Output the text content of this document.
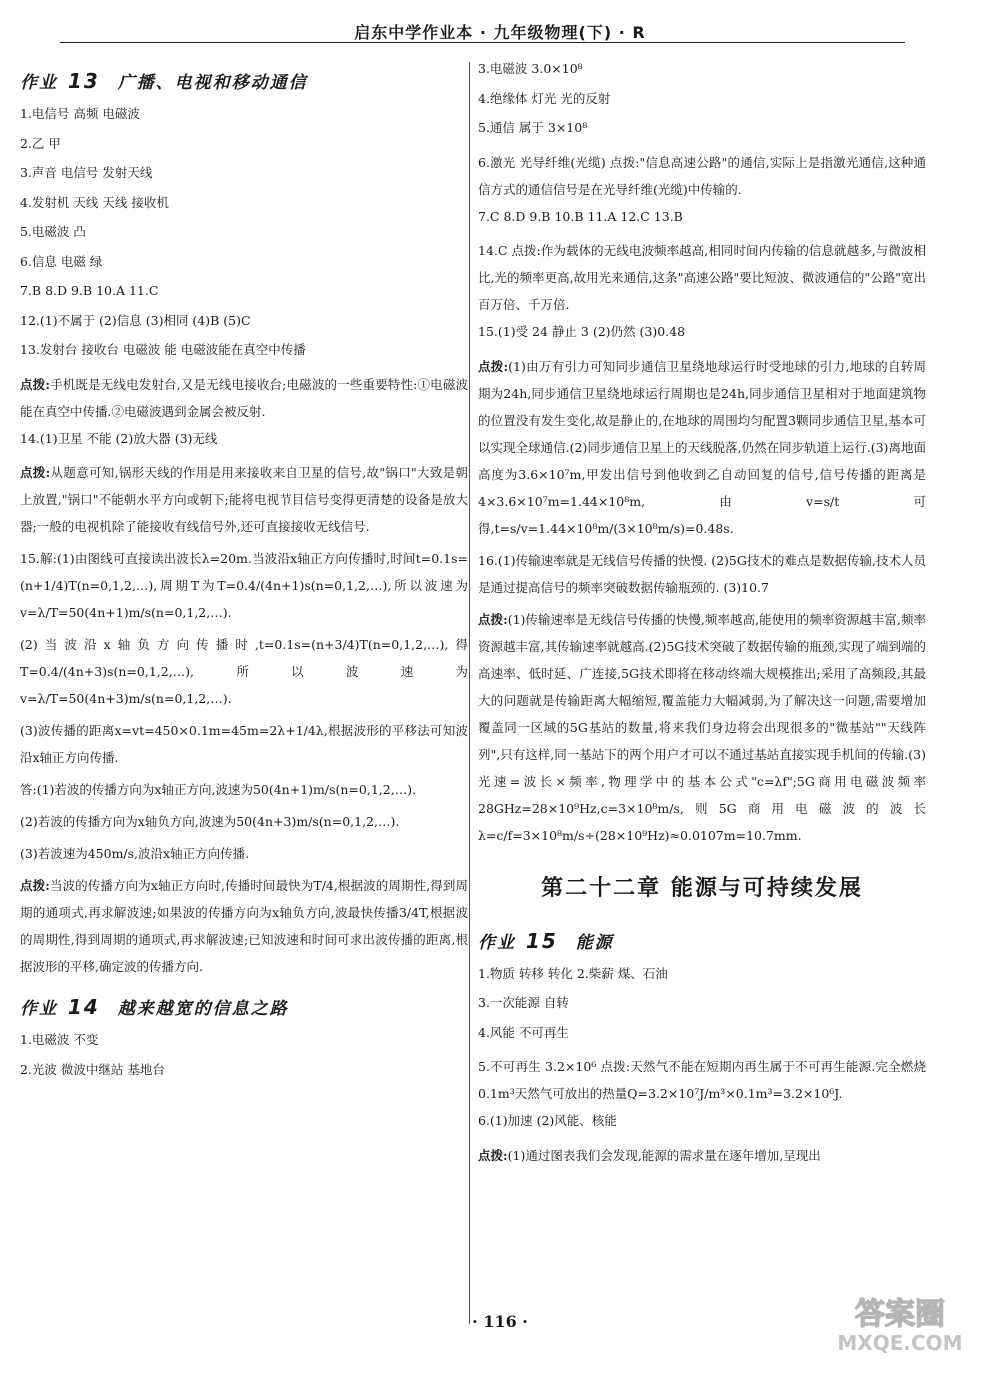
启东中学作业本 · 九年级物理(下) · R
作业 13 广播、电视和移动通信
1.电信号 高频 电磁波
2.乙 甲
3.声音 电信号 发射天线
4.发射机 天线 天线 接收机
5.电磁波 凸
6.信息 电磁 绿
7.B 8.D 9.B 10.A 11.C
12.(1)不属于 (2)信息 (3)相同 (4)B (5)C
13.发射台 接收台 电磁波 能 电磁波能在真空中传播
点拨:手机既是无线电发射台,又是无线电接收台;电磁波的一些重要特性:①电磁波能在真空中传播.②电磁波遇到金属会被反射.
14.(1)卫星 不能 (2)放大器 (3)无线
点拨:从题意可知,锅形天线的作用是用来接收来自卫星的信号,故"锅口"大致是朝上放置,"锅口"不能朝水平方向或朝下;能将电视节目信号变得更清楚的设备是放大器;一般的电视机除了能接收有线信号外,还可直接接收无线信号.
15.解:(1)由图线可直接读出波长λ=20m.当波沿x轴正方向传播时,时间t=0.1s=(n+1/4)T(n=0,1,2,…),周期T为T=0.4/(4n+1)s(n=0,1,2,…),所以波速为v=λ/T=50(4n+1)m/s(n=0,1,2,…).
(2)当波沿x轴负方向传播时,t=0.1s=(n+3/4)T(n=0,1,2,…),得T=0.4/(4n+3)s(n=0,1,2,…),所以波速为v=λ/T=50(4n+3)m/s(n=0,1,2,…).
(3)波传播的距离x=vt=450×0.1m=45m=2λ+1/4λ,根据波形的平移法可知波沿x轴正方向传播.
答:(1)若波的传播方向为x轴正方向,波速为50(4n+1)m/s(n=0,1,2,…).
(2)若波的传播方向为x轴负方向,波速为50(4n+3)m/s(n=0,1,2,…).
(3)若波速为450m/s,波沿x轴正方向传播.
点拨:当波的传播方向为x轴正方向时,传播时间最快为T/4,根据波的周期性,得到周期的通项式,再求解波速;如果波的传播方向为x轴负方向,波最快传播3/4T,根据波的周期性,得到周期的通项式,再求解波速;已知波速和时间可求出波传播的距离,根据波形的平移,确定波的传播方向.
作业 14 越来越宽的信息之路
1.电磁波 不变
2.光波 微波中继站 基地台
3.电磁波 3.0×10⁸
4.绝缘体 灯光 光的反射
5.通信 属于 3×10⁸
6.激光 光导纤维(光缆) 点拨:"信息高速公路"的通信,实际上是指激光通信,这种通信方式的通信信号是在光导纤维(光缆)中传输的.
7.C 8.D 9.B 10.B 11.A 12.C 13.B
14.C 点拨:作为载体的无线电波频率越高,相同时间内传输的信息就越多,与微波相比,光的频率更高,故用光来通信,这条"高速公路"要比短波、微波通信的"公路"宽出百万倍、千万倍.
15.(1)受 24 静止 3 (2)仍然 (3)0.48
点拨:(1)由万有引力可知同步通信卫星绕地球运行时受地球的引力,地球的自转周期为24h,同步通信卫星绕地球运行周期也是24h,同步通信卫星相对于地面建筑物的位置没有发生变化,故是静止的,在地球的周围均匀配置3颗同步通信卫星,基本可以实现全球通信.(2)同步通信卫星上的天线脱落,仍然在同步轨道上运行.(3)离地面高度为3.6×10⁷m,甲发出信号到他收到乙自动回复的信号,信号传播的距离是4×3.6×10⁷m=1.44×10⁸m,由v=s/t可得,t=s/v=1.44×10⁸m/(3×10⁸m/s)=0.48s.
16.(1)传输速率就是无线信号传播的快慢. (2)5G技术的难点是数据传输,技术人员是通过提高信号的频率突破数据传输瓶颈的. (3)10.7
点拨:(1)传输速率是无线信号传播的快慢,频率越高,能使用的频率资源越丰富,频率资源越丰富,其传输速率就越高.(2)5G技术突破了数据传输的瓶颈,实现了端到端的高速率、低时延、广连接,5G技术即将在移动终端大规模推出;采用了高频段,其最大的问题就是传输距离大幅缩短,覆盖能力大幅减弱,为了解决这一问题,需要增加覆盖同一区域的5G基站的数量,将来我们身边将会出现很多的"微基站""天线阵列",只有这样,同一基站下的两个用户才可以不通过基站直接实现手机间的传输.(3)光速=波长×频率,物理学中的基本公式"c=λf";5G商用电磁波频率28GHz=28×10⁹Hz,c=3×10⁸m/s,则5G商用电磁波的波长λ=c/f=3×10⁸m/s÷(28×10⁹Hz)≈0.0107m=10.7mm.
第二十二章 能源与可持续发展
作业 15 能源
1.物质 转移 转化 2.柴薪 煤、石油
3.一次能源 自转
4.风能 不可再生
5.不可再生 3.2×10⁶ 点拨:天然气不能在短期内再生属于不可再生能源.完全燃烧0.1m³天然气可放出的热量Q=3.2×10⁷J/m³×0.1m³=3.2×10⁶J.
6.(1)加速 (2)风能、核能
点拨:(1)通过图表我们会发现,能源的需求量在逐年增加,呈现出
· 116 ·	答案圈
MXQE.COM
